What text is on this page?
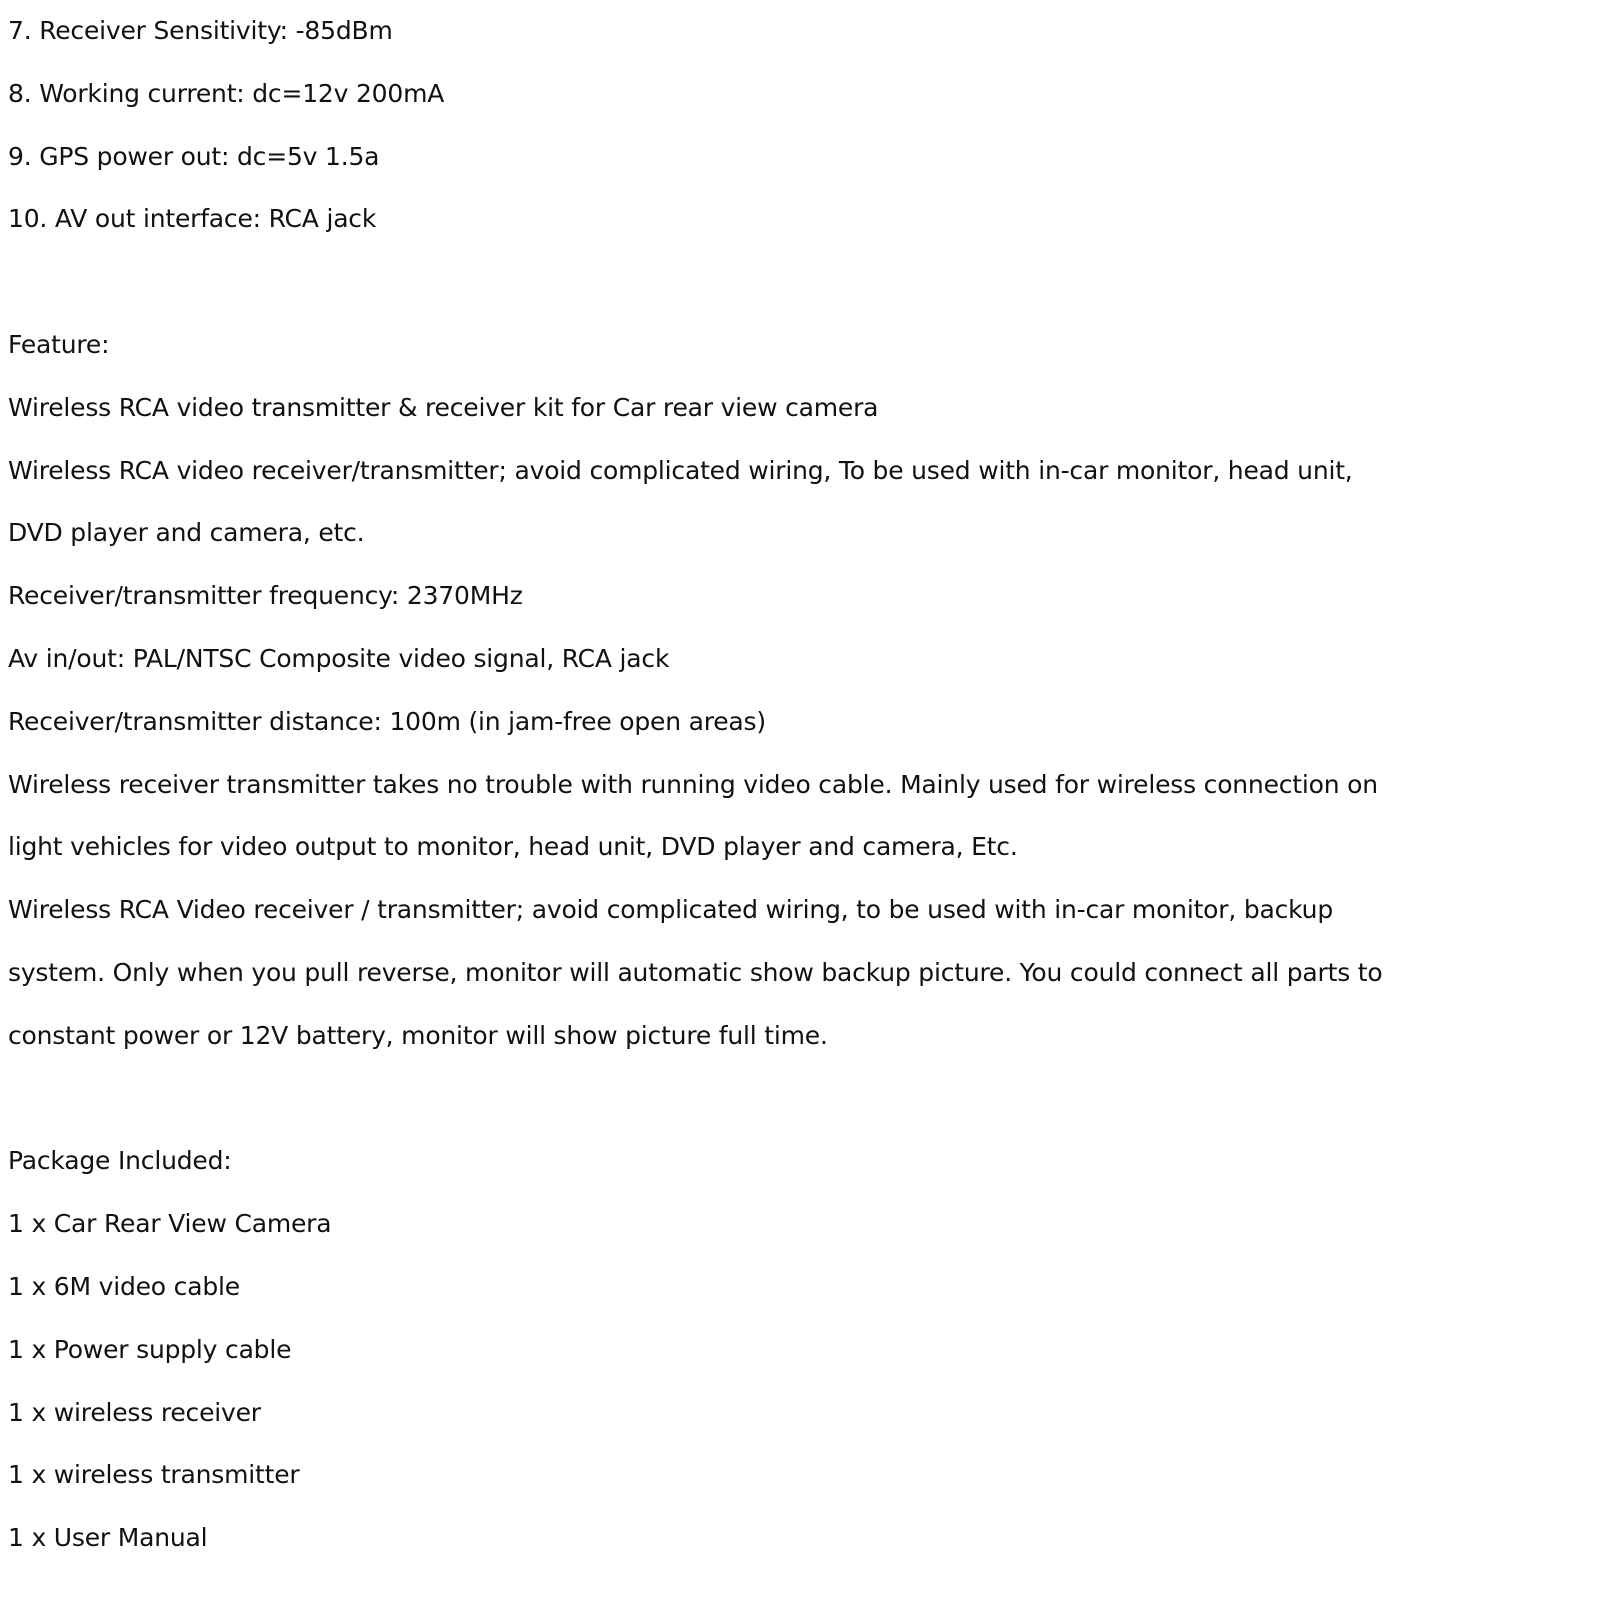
7. Receiver Sensitivity: -85dBm

8. Working current: dc=12v 200mA

9. GPS power out: dc=5v 1.5a

10. AV out interface: RCA jack

Feature:

Wireless RCA video transmitter & receiver kit for Car rear view camera

Wireless RCA video receiver/transmitter; avoid complicated wiring, To be used with in-car monitor, head unit,

DVD player and camera, etc.

Receiver/transmitter frequency: 2370MHz

Av in/out: PAL/NTSC Composite video signal, RCA jack

Receiver/transmitter distance: 100m (in jam-free open areas)

Wireless receiver transmitter takes no trouble with running video cable. Mainly used for wireless connection on

light vehicles for video output to monitor, head unit, DVD player and camera, Etc.

Wireless RCA Video receiver / transmitter; avoid complicated wiring, to be used with in-car monitor, backup

system. Only when you pull reverse, monitor will automatic show backup picture. You could connect all parts to

constant power or 12V battery, monitor will show picture full time.

Package Included:

1 x Car Rear View Camera
1 x 6M video cable
1 x Power supply cable
1 x wireless receiver
1 x wireless transmitter
1 x User Manual
